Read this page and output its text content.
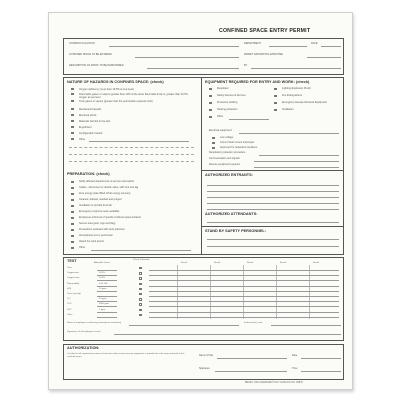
CONFINED SPACE ENTRY PERMIT
COMPANY/LOCATION	DEPARTMENT	DATE
CONFINED SPACE TO BE ENTERED	PERMIT EXPIRATION DATE/TIME
DESCRIPTION OF WORK TO BE PERFORMED	BY
NATURE OF HAZARDS IN CONFINED SPACE: (check)
PREPARATION: (check)
EQUIPMENT REQUIRED FOR ENTRY AND WORK: (check)
Electrical equipment:
Respiratory protection procedure
Communication and signals
Rescue equipment required
AUTHORIZED ENTRANTS:
AUTHORIZED ATTENDANTS:
STAND BY SAFETY PERSONNEL:
TEST	Allowable Limits
Check if Needed
Name of employees conducting atmospheric monitoring	Instrument(s) used
Signatures of all employees tested
AUTHORIZATION:
I certify that all required precautions have been taken and necessary equipment is provided for safe entry and work in this confined space.	Name (Print)	Date
Signature	Time
BRADY USA SIGNMARK® DIV. CATALOG NO. 65870
Oxygen deficiency (Less than 19.5% at sea level)
Flammable gases or vapors (greater than 10% of the lower flammable limit) or, greater than 23.5% oxygen at sea level
Toxic gases or vapors (greater than the permissible exposure limit)
Mechanical hazards
Electrical shock
Materials harmful to the skin
Engulfment
Configuration hazard
Other
Notify affected departments of service interruption
Isolate - disconnect or double valve, with lock and tag
Zero energy state (Bled off all energy sources)
Cleaned, drained, washed and purged
Ventilation to provide fresh air
Emergency response team available
Employees informed of specific confined space hazards
Secure area (post, sign and flag)
Precautions reviewed with work practices
Atmospheric test in permission
Attach hot work permit
Other
Respirator
Safety harness & life lines
Protective clothing
Hearing protection
Other
Lighting (Explosion Proof)
Fire Extinguishers
Emergency Escape Retrieval Equipment
Ventilation
Low voltage
Ground fault current interrupter
Approved for hazardous locations
Result	Result	Result	Result	Result
Time
Oxygen-min	19.5%
Oxygen-max	23.5%
Flammability	10% LEL
H2S	10 ppm
Toxic (specify)
CO	25 ppm
CO2	5000 ppm
SO2	2 ppm
Other
